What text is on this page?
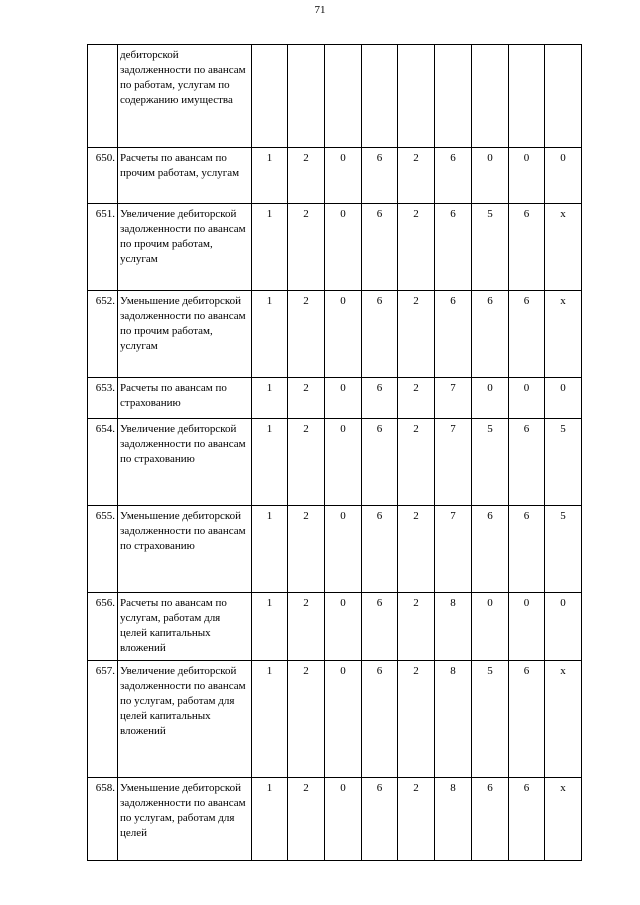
71
	дебиторской задолженности по авансам по работам, услугам по содержанию имущества									
650.	Расчеты по авансам по прочим работам, услугам	1	2	0	6	2	6	0	0	0
651.	Увеличение дебиторской задолженности по авансам по прочим работам, услугам	1	2	0	6	2	6	5	6	x
652.	Уменьшение дебиторской задолженности по авансам по прочим работам, услугам	1	2	0	6	2	6	6	6	x
653.	Расчеты по авансам по страхованию	1	2	0	6	2	7	0	0	0
654.	Увеличение дебиторской задолженности по авансам по страхованию	1	2	0	6	2	7	5	6	5
655.	Уменьшение дебиторской задолженности по авансам по страхованию	1	2	0	6	2	7	6	6	5
656.	Расчеты по авансам по услугам, работам для целей капитальных вложений	1	2	0	6	2	8	0	0	0
657.	Увеличение дебиторской задолженности по авансам по услугам, работам для целей капитальных вложений	1	2	0	6	2	8	5	6	x
658.	Уменьшение дебиторской задолженности по авансам по услугам, работам для целей	1	2	0	6	2	8	6	6	x
